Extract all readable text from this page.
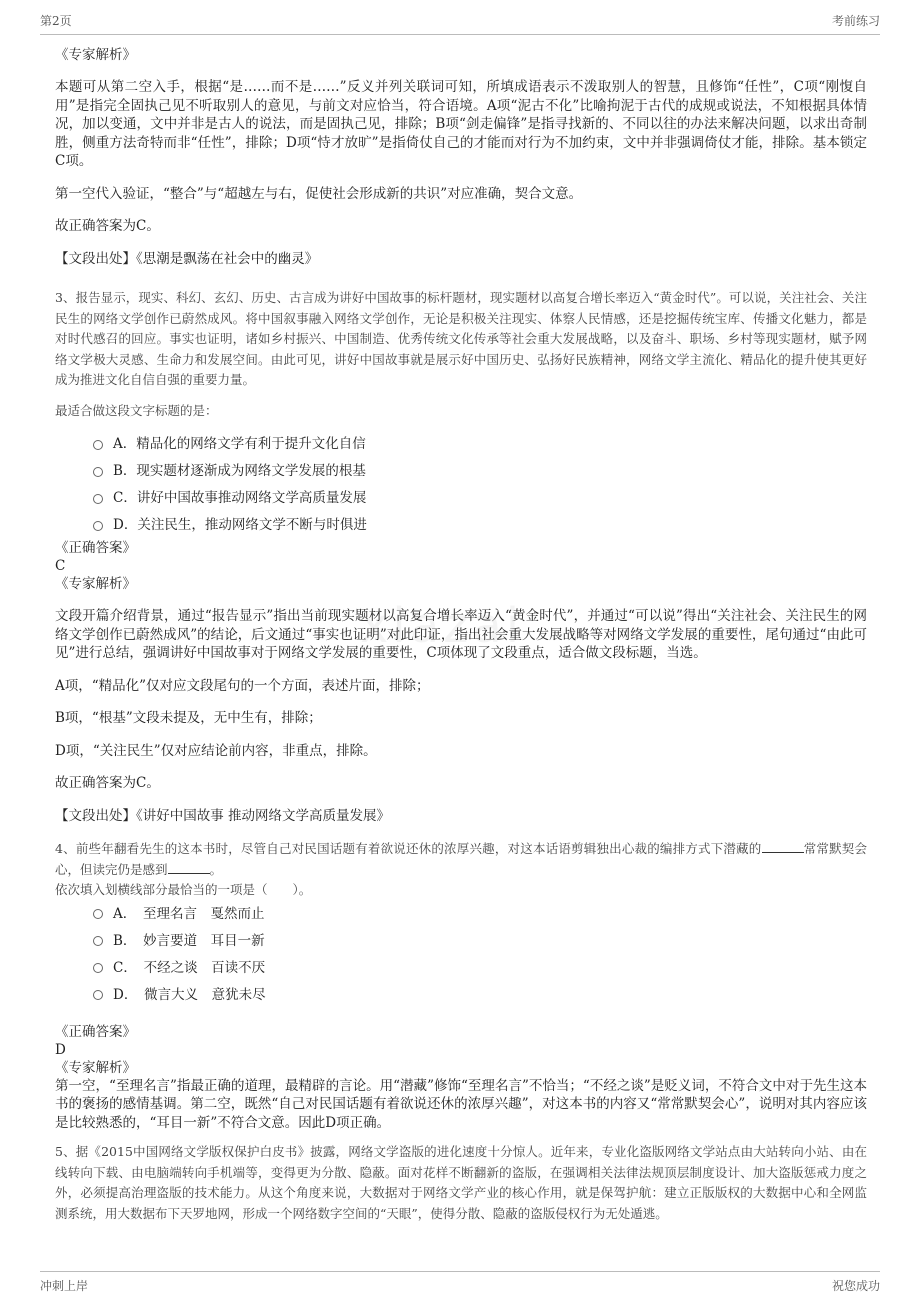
第2页	考前练习

《专家解析》

本题可从第二空入手，根据“是……而不是……”反义并列关联词可知，所填成语表示不泼取别人的智慧，且修饰“任性”，C项“刚愎自用”是指完全固执己见不听取别人的意见，与前文对应恰当，符合语境。A项“泥古不化”比喻拘泥于古代的成规或说法，不知根据具体情况，加以变通，文中并非是古人的说法，而是固执己见，排除；B项“剑走偏锋”是指寻找新的、不同以往的办法来解决问题，以求出奇制胜，侧重方法奇特而非“任性”，排除；D项“恃才放旷”是指倚仗自己的才能而对行为不加约束，文中并非强调倚仗才能，排除。基本锁定C项。

第一空代入验证，“整合”与“超越左与右，促使社会形成新的共识”对应准确，契合文意。

故正确答案为C。

【文段出处】《思潮是飘荡在社会中的幽灵》

3、报告显示，现实、科幻、玄幻、历史、古言成为讲好中国故事的标杆题材，现实题材以高复合增长率迈入“黄金时代”。可以说，关注社会、关注民生的网络文学创作已蔚然成风。将中国叙事融入网络文学创作，无论是积极关注现实、体察人民情感，还是挖掘传统宝库、传播文化魅力，都是对时代感召的回应。事实也证明，诸如乡村振兴、中国制造、优秀传统文化传承等社会重大发展战略，以及奋斗、职场、乡村等现实题材，赋予网络文学极大灵感、生命力和发展空间。由此可见，讲好中国故事就是展示好中国历史、弘扬好民族精神，网络文学主流化、精品化的提升使其更好成为推进文化自信自强的重要力量。

最适合做这段文字标题的是：

A．精品化的网络文学有利于提升文化自信
B．现实题材逐渐成为网络文学发展的根基
C．讲好中国故事推动网络文学高质量发展
D．关注民生，推动网络文学不断与时俱进

《正确答案》

C

《专家解析》

文段开篇介绍背景，通过“报告显示”指出当前现实题材以高复合增长率迈入“黄金时代”，并通过“可以说”得出“关注社会、关注民生的网络文学创作已蔚然成风”的结论，后文通过“事实也证明”对此印证，指出社会重大发展战略等对网络文学发展的重要性，尾句通过“由此可见”进行总结，强调讲好中国故事对于网络文学发展的重要性，C项体现了文段重点，适合做文段标题，当选。

A项，“精品化”仅对应文段尾句的一个方面，表述片面，排除；

B项，“根基”文段未提及，无中生有，排除；

D项，“关注民生”仅对应结论前内容，非重点，排除。

故正确答案为C。

【文段出处】《讲好中国故事 推动网络文学高质量发展》

4、前些年翻看先生的这本书时，尽管自己对民国话题有着欲说还休的浓厚兴趣，对这本话语剪辑独出心裁的编排方式下潜藏的	常常默契会心，但读完仍是感到	。

依次填入划横线部分最恰当的一项是（　　）。

A．　至理名言　戛然而止
B．　妙言要道　耳目一新
C．　不经之谈　百读不厌
D．　微言大义　意犹未尽

《正确答案》

D

《专家解析》

第一空，“至理名言”指最正确的道理，最精辟的言论。用“潜藏”修饰“至理名言”不恰当；“不经之谈”是贬义词，不符合文中对于先生这本书的褒扬的感情基调。第二空，既然“自己对民国话题有着欲说还休的浓厚兴趣”，对这本书的内容又“常常默契会心”，说明对其内容应该是比较熟悉的，“耳目一新”不符合文意。因此D项正确。

5、据《2015中国网络文学版权保护白皮书》披露，网络文学盗版的进化速度十分惊人。近年来，专业化盗版网络文学站点由大站转向小站、由在线转向下载、由电脑端转向手机端等，变得更为分散、隐蔽。面对花样不断翻新的盗版，在强调相关法律法规顶层制度设计、加大盗版惩戒力度之外，必须提高治理盗版的技术能力。从这个角度来说，大数据对于网络文学产业的核心作用，就是保驾护航：建立正版版权的大数据中心和全网监测系统，用大数据布下天罗地网，形成一个网络数字空间的“天眼”，使得分散、隐蔽的盗版侵权行为无处遁逃。

冲刺上岸	祝您成功
